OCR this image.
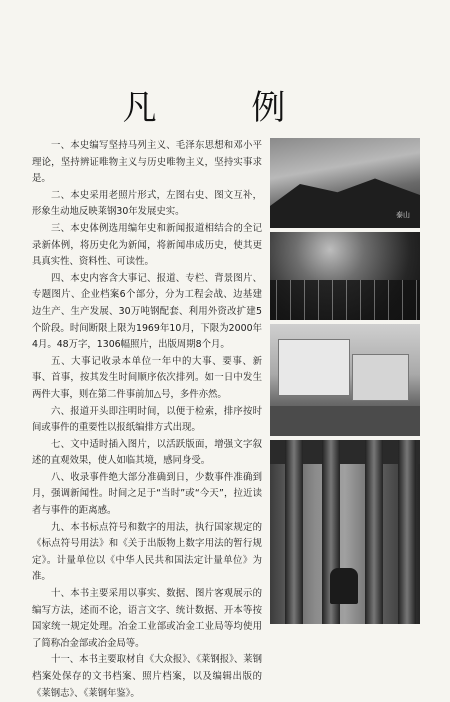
凡 例

一、本史编写坚持马列主义、毛泽东思想和邓小平理论，坚持辨证唯物主义与历史唯物主义，坚持实事求是。

二、本史采用老照片形式，左图右史、图文互补，形象生动地反映莱钢30年发展史实。

三、本史体例选用编年史和新闻报道相结合的全记录新体例，将历史化为新闻，将新闻串成历史，使其更具真实性、资料性、可读性。

四、本史内容含大事记、报道、专栏、背景图片、专题图片、企业档案6个部分，分为工程会战、边基建边生产、生产发展、30万吨钢配套、利用外资改扩建5个阶段。时间断限上限为1969年10月，下限为2000年4月。48万字，1306幅照片，出版周期8个月。

五、大事记收录本单位一年中的大事、要事、新事、首事，按其发生时间顺序依次排列。如一日中发生两件大事，则在第二件事前加△号，多件亦然。

六、报道开头即注明时间，以便于检索，排序按时间或事件的重要性以报纸编排方式出现。

七、文中适时插入图片，以活跃版面，增强文字叙述的直观效果，使人如临其境，感同身受。

八、收录事件绝大部分准确到日，少数事件准确到月，强调新闻性。时间之足于“当时”或“今天”，拉近读者与事件的距离感。

九、本书标点符号和数字的用法，执行国家规定的《标点符号用法》和《关于出版物上数字用法的暂行规定》。计量单位以《中华人民共和国法定计量单位》为准。

十、本书主要采用以事实、数据、图片客观展示的编写方法，述而不论，语言文字、统计数据、开本等按国家统一规定处理。冶金工业部或冶金工业局等均使用了简称冶金部或冶金局等。

十一、本书主要取材自《大众报》、《莱钢报》、莱钢档案处保存的文书档案、照片档案，以及编辑出版的《莱钢志》、《莱钢年鉴》。

泰山
